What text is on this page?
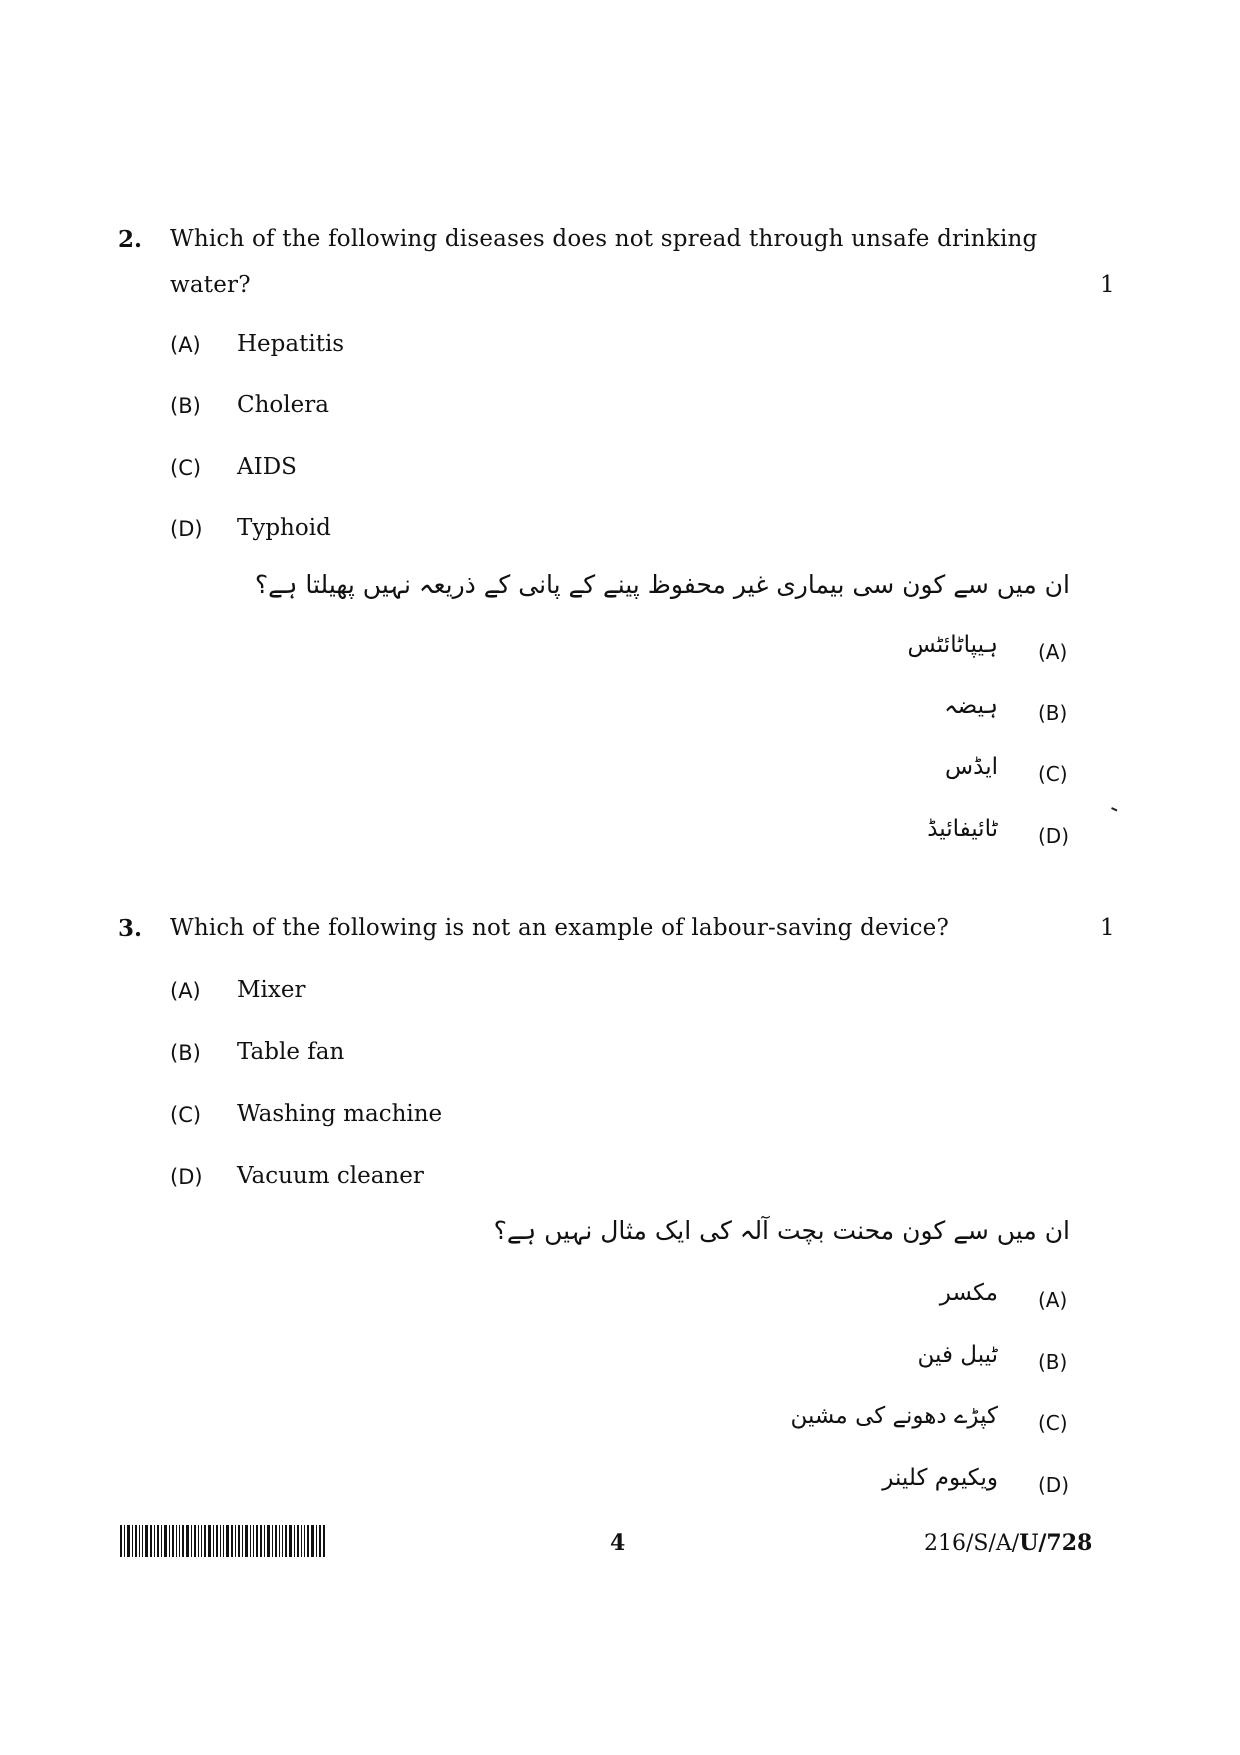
2. Which of the following diseases does not spread through unsafe drinking
water?	1
(A) Hepatitis
(B) Cholera
(C) AIDS
(D) Typhoid
ان میں سے کون سی بیماری غیر محفوظ پینے کے پانی کے ذریعہ نہیں پھیلتا ہے؟
(A)
ہیپاٹائٹس
(B)
ہیضہ
(C)
ایڈس
(D)
ٹائیفائیڈ
3. Which of the following is not an example of labour-saving device?	1
(A) Mixer
(B) Table fan
(C) Washing machine
(D) Vacuum cleaner
ان میں سے کون محنت بچت آلہ کی ایک مثال نہیں ہے؟
(A)
مکسر
(B)
ٹیبل فین
(C)
کپڑے دھونے کی مشین
(D)
ویکیوم کلینر
4	216/S/A/U/728
